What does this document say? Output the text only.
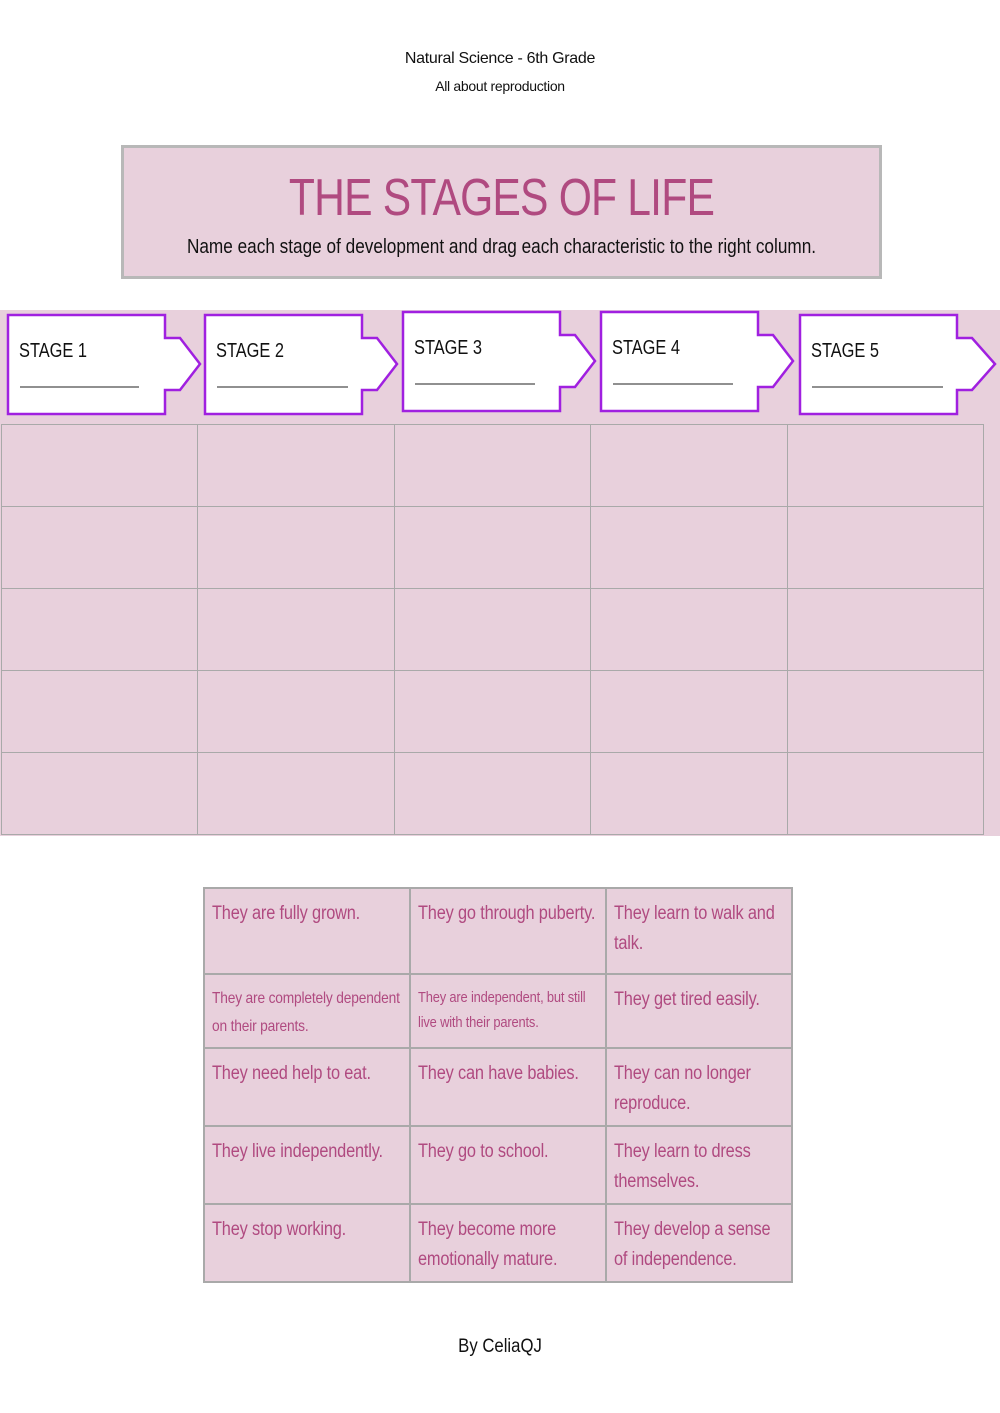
Natural Science - 6th Grade
All about reproduction
THE STAGES OF LIFE
Name each stage of development and drag each characteristic to the right column.
STAGE 1	STAGE 2	STAGE 3	STAGE 4	STAGE 5

They are fully grown.	They go through puberty.	They learn to walk and talk.
They are completely dependent on their parents.	They are independent, but still live with their parents.	They get tired easily.
They need help to eat.	They can have babies.	They can no longer reproduce.
They live independently.	They go to school.	They learn to dress themselves.
They stop working.	They become more emotionally mature.	They develop a sense of independence.
By CeliaQJ
